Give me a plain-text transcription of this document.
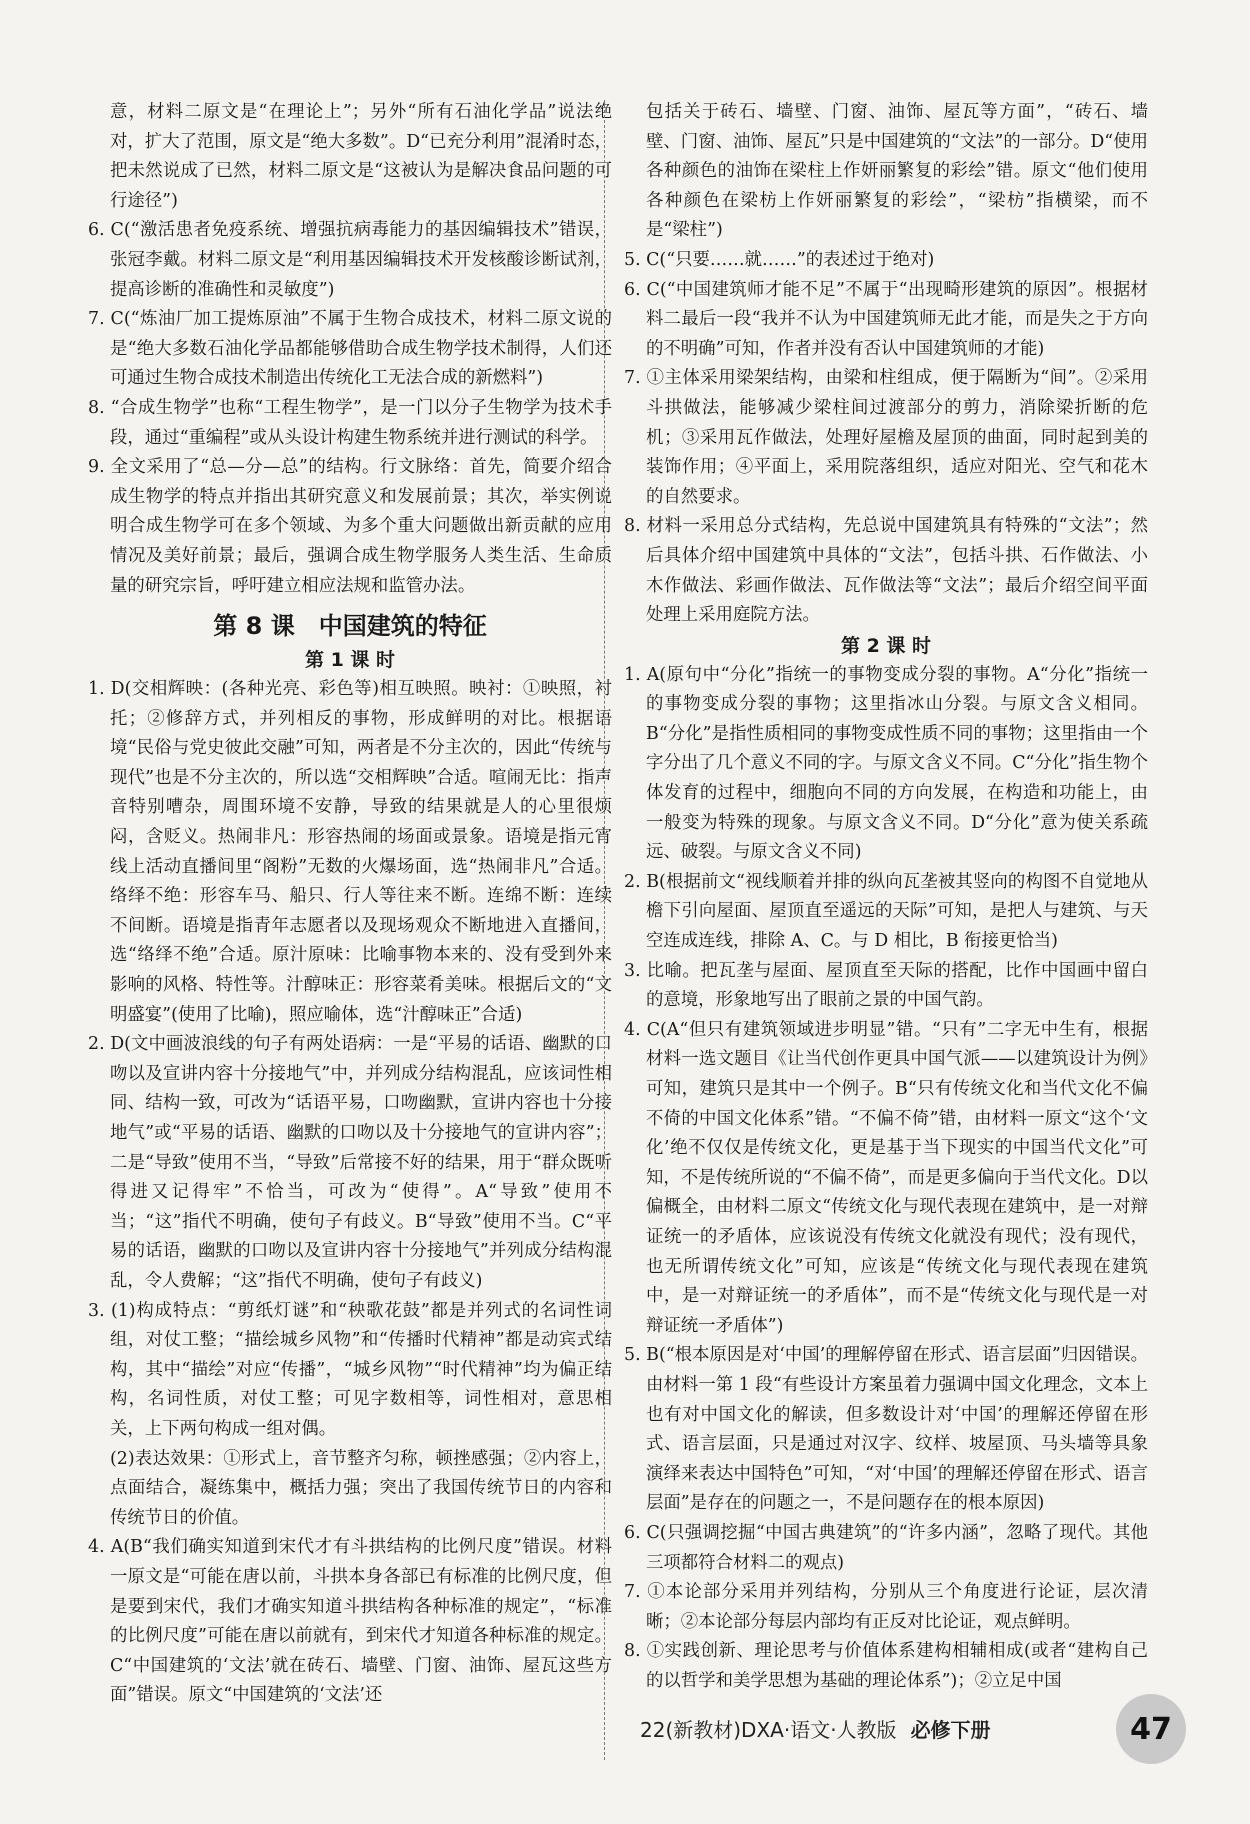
意，材料二原文是“在理论上”；另外“所有石油化学品”说法绝对，扩大了范围，原文是“绝大多数”。D“已充分利用”混淆时态，把未然说成了已然，材料二原文是“这被认为是解决食品问题的可行途径”)

6. C(“激活患者免疫系统、增强抗病毒能力的基因编辑技术”错误，张冠李戴。材料二原文是“利用基因编辑技术开发核酸诊断试剂，提高诊断的准确性和灵敏度”)

7. C(“炼油厂加工提炼原油”不属于生物合成技术，材料二原文说的是“绝大多数石油化学品都能够借助合成生物学技术制得，人们还可通过生物合成技术制造出传统化工无法合成的新燃料”)

8. “合成生物学”也称“工程生物学”，是一门以分子生物学为技术手段，通过“重编程”或从头设计构建生物系统并进行测试的科学。

9. 全文采用了“总—分—总”的结构。行文脉络：首先，简要介绍合成生物学的特点并指出其研究意义和发展前景；其次，举实例说明合成生物学可在多个领域、为多个重大问题做出新贡献的应用情况及美好前景；最后，强调合成生物学服务人类生活、生命质量的研究宗旨，呼吁建立相应法规和监管办法。

第 8 课　中国建筑的特征
第 1 课 时

1. D(交相辉映：(各种光亮、彩色等)相互映照。映衬：①映照，衬托；②修辞方式，并列相反的事物，形成鲜明的对比。根据语境“民俗与党史彼此交融”可知，两者是不分主次的，因此“传统与现代”也是不分主次的，所以选“交相辉映”合适。喧闹无比：指声音特别嘈杂，周围环境不安静，导致的结果就是人的心里很烦闷，含贬义。热闹非凡：形容热闹的场面或景象。语境是指元宵线上活动直播间里“阁粉”无数的火爆场面，选“热闹非凡”合适。络绎不绝：形容车马、船只、行人等往来不断。连绵不断：连续不间断。语境是指青年志愿者以及现场观众不断地进入直播间，选“络绎不绝”合适。原汁原味：比喻事物本来的、没有受到外来影响的风格、特性等。汁醇味正：形容菜肴美味。根据后文的“文明盛宴”(使用了比喻)，照应喻体，选“汁醇味正”合适)

2. D(文中画波浪线的句子有两处语病：一是“平易的话语、幽默的口吻以及宣讲内容十分接地气”中，并列成分结构混乱，应该词性相同、结构一致，可改为“话语平易，口吻幽默，宣讲内容也十分接地气”或“平易的话语、幽默的口吻以及十分接地气的宣讲内容”；二是“导致”使用不当，“导致”后常接不好的结果，用于“群众既听得进又记得牢”不恰当，可改为“使得”。A“导致”使用不当；“这”指代不明确，使句子有歧义。B“导致”使用不当。C“平易的话语，幽默的口吻以及宣讲内容十分接地气”并列成分结构混乱，令人费解；“这”指代不明确，使句子有歧义)

3. (1)构成特点：“剪纸灯谜”和“秧歌花鼓”都是并列式的名词性词组，对仗工整；“描绘城乡风物”和“传播时代精神”都是动宾式结构，其中“描绘”对应“传播”，“城乡风物”“时代精神”均为偏正结构，名词性质，对仗工整；可见字数相等，词性相对，意思相关，上下两句构成一组对偶。

(2)表达效果：①形式上，音节整齐匀称，顿挫感强；②内容上，点面结合，凝练集中，概括力强；突出了我国传统节日的内容和传统节日的价值。

4. A(B“我们确实知道到宋代才有斗拱结构的比例尺度”错误。材料一原文是“可能在唐以前，斗拱本身各部已有标准的比例尺度，但是要到宋代，我们才确实知道斗拱结构各种标准的规定”，“标准的比例尺度”可能在唐以前就有，到宋代才知道各种标准的规定。C“中国建筑的‘文法’就在砖石、墙壁、门窗、油饰、屋瓦这些方面”错误。原文“中国建筑的‘文法’还

包括关于砖石、墙壁、门窗、油饰、屋瓦等方面”，“砖石、墙壁、门窗、油饰、屋瓦”只是中国建筑的“文法”的一部分。D“使用各种颜色的油饰在梁柱上作妍丽繁复的彩绘”错。原文“他们使用各种颜色在梁枋上作妍丽繁复的彩绘”，“梁枋”指横梁，而不是“梁柱”)

5. C(“只要……就……”的表述过于绝对)

6. C(“中国建筑师才能不足”不属于“出现畸形建筑的原因”。根据材料二最后一段“我并不认为中国建筑师无此才能，而是失之于方向的不明确”可知，作者并没有否认中国建筑师的才能)

7. ①主体采用梁架结构，由梁和柱组成，便于隔断为“间”。②采用斗拱做法，能够减少梁柱间过渡部分的剪力，消除梁折断的危机；③采用瓦作做法，处理好屋檐及屋顶的曲面，同时起到美的装饰作用；④平面上，采用院落组织，适应对阳光、空气和花木的自然要求。

8. 材料一采用总分式结构，先总说中国建筑具有特殊的“文法”；然后具体介绍中国建筑中具体的“文法”，包括斗拱、石作做法、小木作做法、彩画作做法、瓦作做法等“文法”；最后介绍空间平面处理上采用庭院方法。

第 2 课 时

1. A(原句中“分化”指统一的事物变成分裂的事物。A“分化”指统一的事物变成分裂的事物；这里指冰山分裂。与原文含义相同。B“分化”是指性质相同的事物变成性质不同的事物；这里指由一个字分出了几个意义不同的字。与原文含义不同。C“分化”指生物个体发育的过程中，细胞向不同的方向发展，在构造和功能上，由一般变为特殊的现象。与原文含义不同。D“分化”意为使关系疏远、破裂。与原文含义不同)

2. B(根据前文“视线顺着并排的纵向瓦垄被其竖向的构图不自觉地从檐下引向屋面、屋顶直至遥远的天际”可知，是把人与建筑、与天空连成连线，排除 A、C。与 D 相比，B 衔接更恰当)

3. 比喻。把瓦垄与屋面、屋顶直至天际的搭配，比作中国画中留白的意境，形象地写出了眼前之景的中国气韵。

4. C(A“但只有建筑领域进步明显”错。“只有”二字无中生有，根据材料一选文题目《让当代创作更具中国气派——以建筑设计为例》可知，建筑只是其中一个例子。B“只有传统文化和当代文化不偏不倚的中国文化体系”错。“不偏不倚”错，由材料一原文“这个‘文化’绝不仅仅是传统文化，更是基于当下现实的中国当代文化”可知，不是传统所说的“不偏不倚”，而是更多偏向于当代文化。D以偏概全，由材料二原文“传统文化与现代表现在建筑中，是一对辩证统一的矛盾体，应该说没有传统文化就没有现代；没有现代，也无所谓传统文化”可知，应该是“传统文化与现代表现在建筑中，是一对辩证统一的矛盾体”，而不是“传统文化与现代是一对辩证统一矛盾体”)

5. B(“根本原因是对‘中国’的理解停留在形式、语言层面”归因错误。由材料一第 1 段“有些设计方案虽着力强调中国文化理念，文本上也有对中国文化的解读，但多数设计对‘中国’的理解还停留在形式、语言层面，只是通过对汉字、纹样、坡屋顶、马头墙等具象演绎来表达中国特色”可知，“对‘中国’的理解还停留在形式、语言层面”是存在的问题之一，不是问题存在的根本原因)

6. C(只强调挖掘“中国古典建筑”的“许多内涵”，忽略了现代。其他三项都符合材料二的观点)

7. ①本论部分采用并列结构，分别从三个角度进行论证，层次清晰；②本论部分每层内部均有正反对比论证，观点鲜明。

8. ①实践创新、理论思考与价值体系建构相辅相成(或者“建构自己的以哲学和美学思想为基础的理论体系”)；②立足中国

22(新教材)DXA·语文·人教版 必修下册	47
